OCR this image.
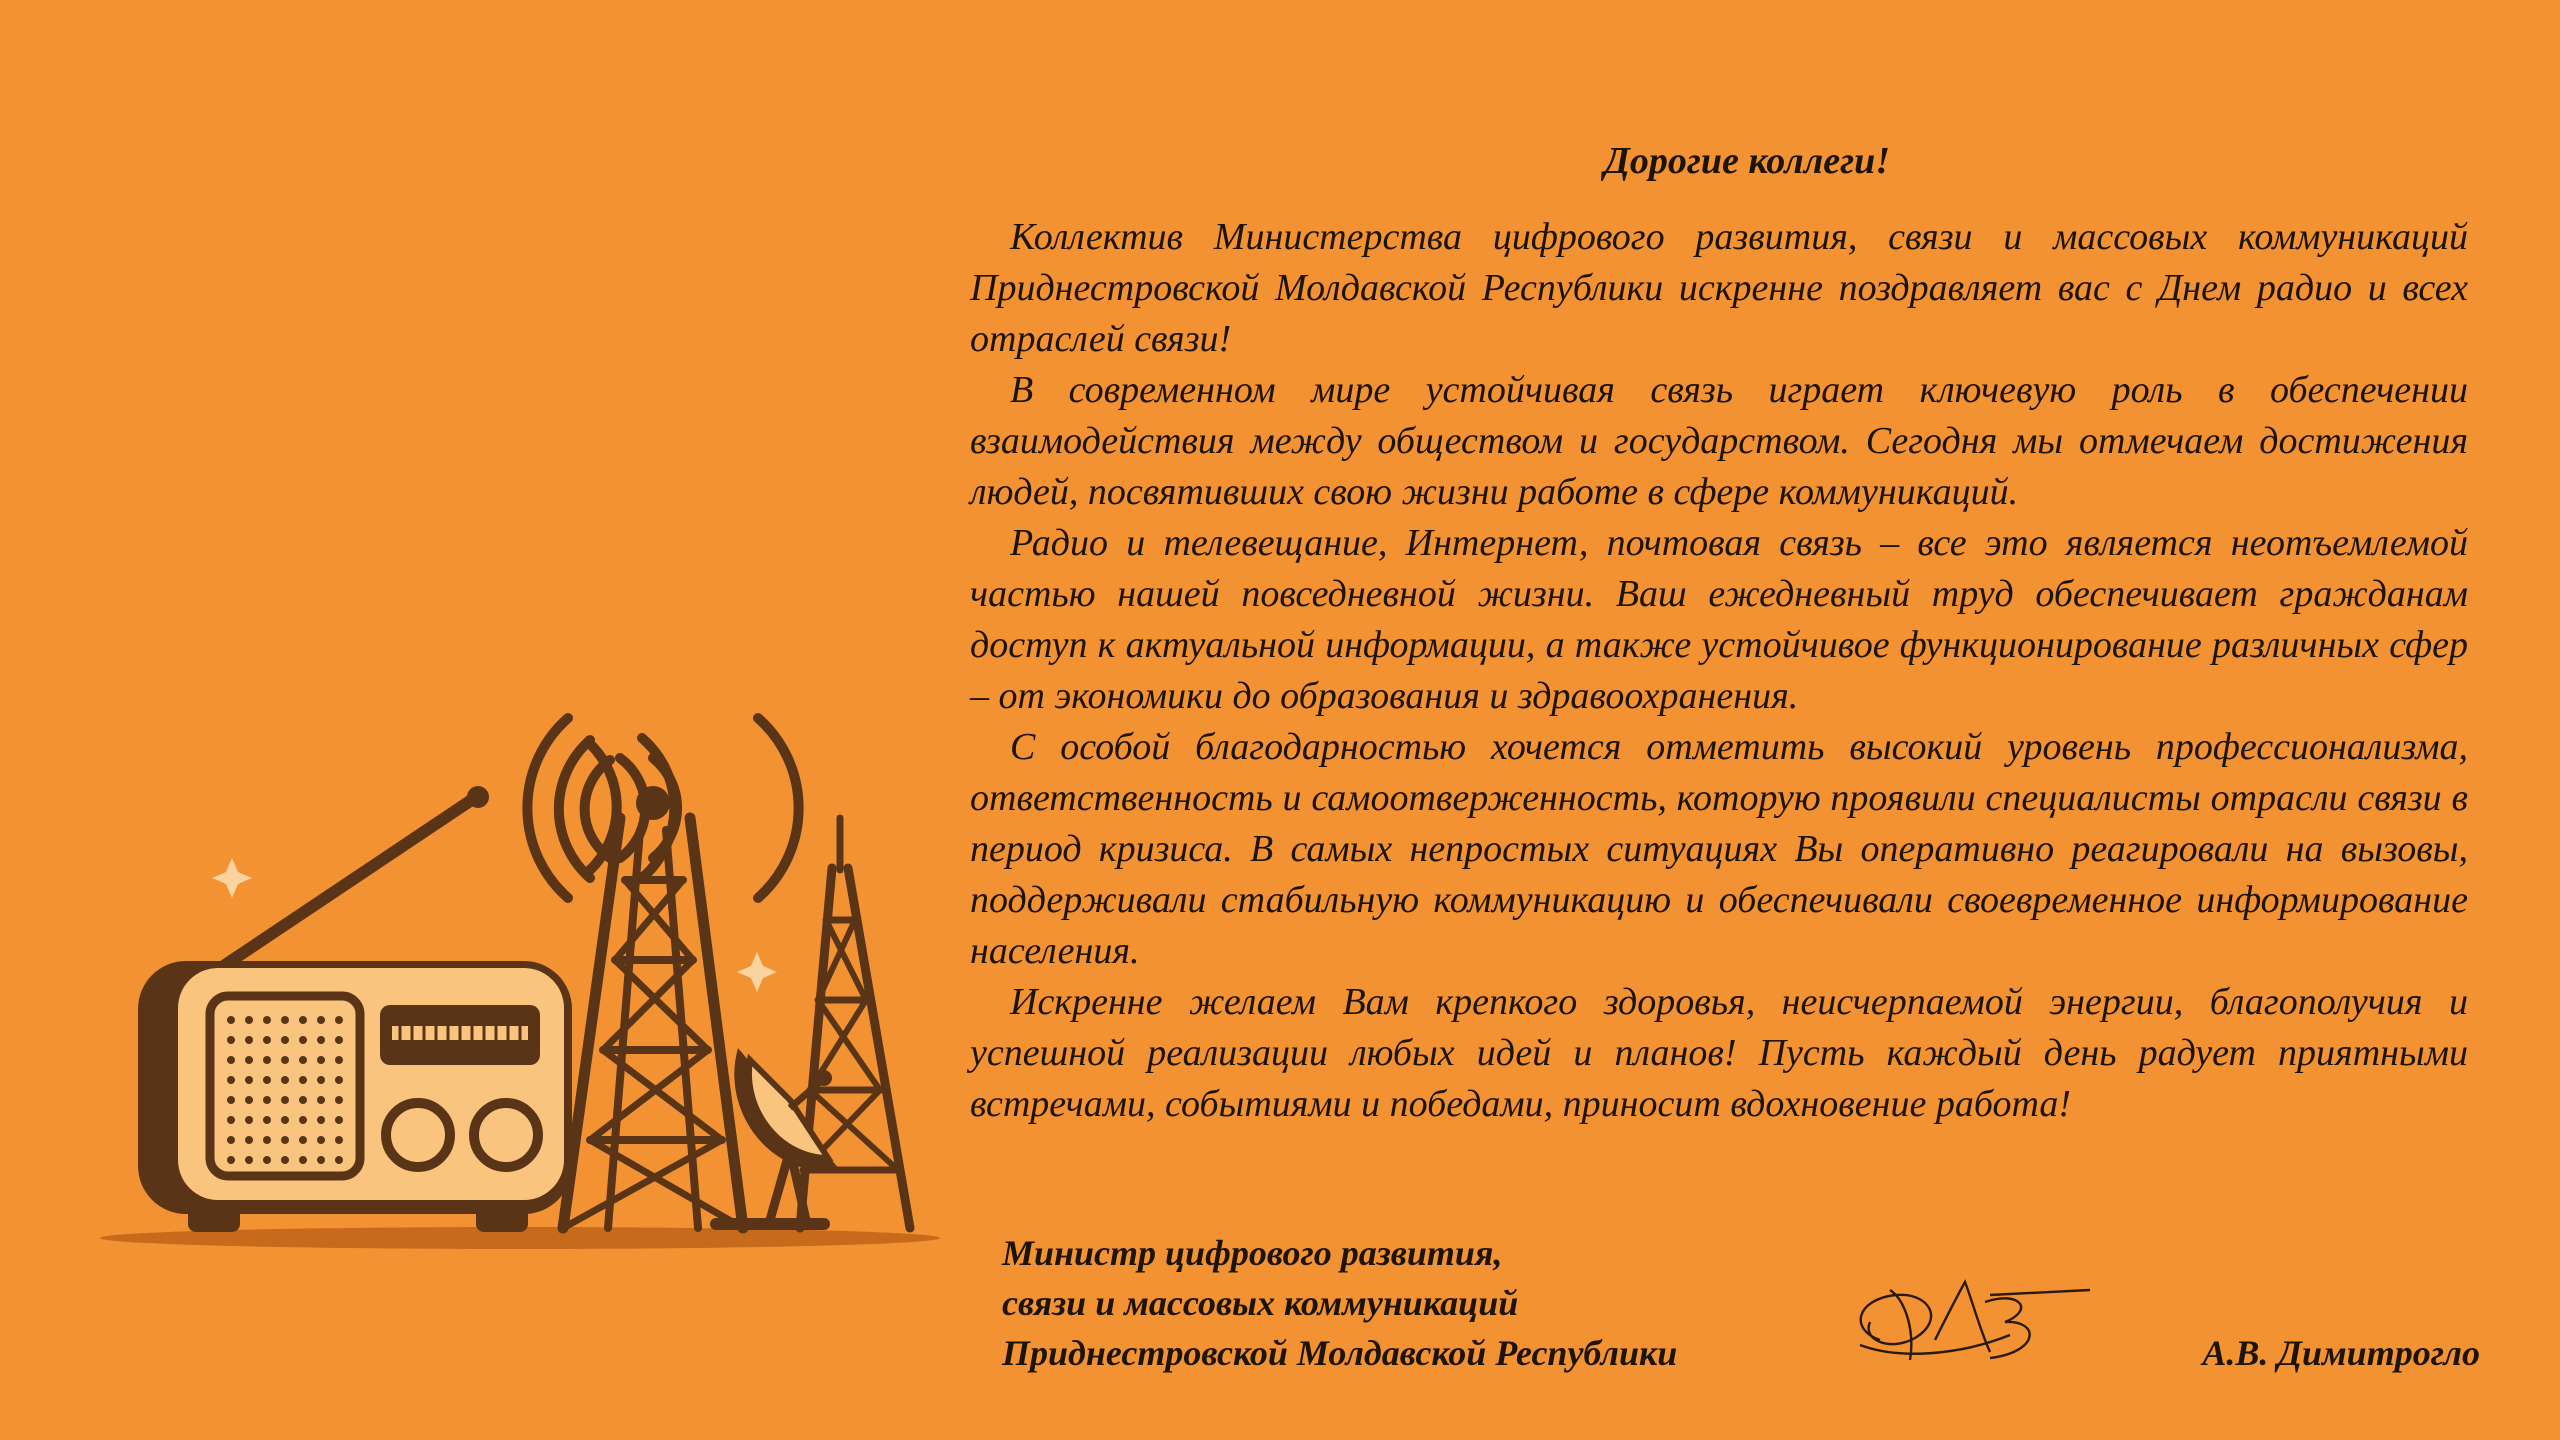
Дорогие коллеги!

Коллектив Министерства цифрового развития, связи и массовых коммуникаций Приднестровской Молдавской Республики искренне поздравляет вас с Днем радио и всех отраслей связи!

В современном мире устойчивая связь играет ключевую роль в обеспечении взаимодействия между обществом и государством. Сегодня мы отмечаем достижения людей, посвятивших свою жизни работе в сфере коммуникаций.

Радио и телевещание, Интернет, почтовая связь – все это является неотъемлемой частью нашей повседневной жизни. Ваш ежедневный труд обеспечивает гражданам доступ к актуальной информации, а также устойчивое функционирование различных сфер – от экономики до образования и здравоохранения.

С особой благодарностью хочется отметить высокий уровень профессионализма, ответственность и самоотверженность, которую проявили специалисты отрасли связи в период кризиса. В самых непростых ситуациях Вы оперативно реагировали на вызовы, поддерживали стабильную коммуникацию и обеспечивали своевременное информирование населения.

Искренне желаем Вам крепкого здоровья, неисчерпаемой энергии, благополучия и успешной реализации любых идей и планов! Пусть каждый день радует приятными встречами, событиями и победами, приносит вдохновение работа!

Министр цифрового развития,
связи и массовых коммуникаций
Приднестровской Молдавской Республики	А.В. Димитрогло
